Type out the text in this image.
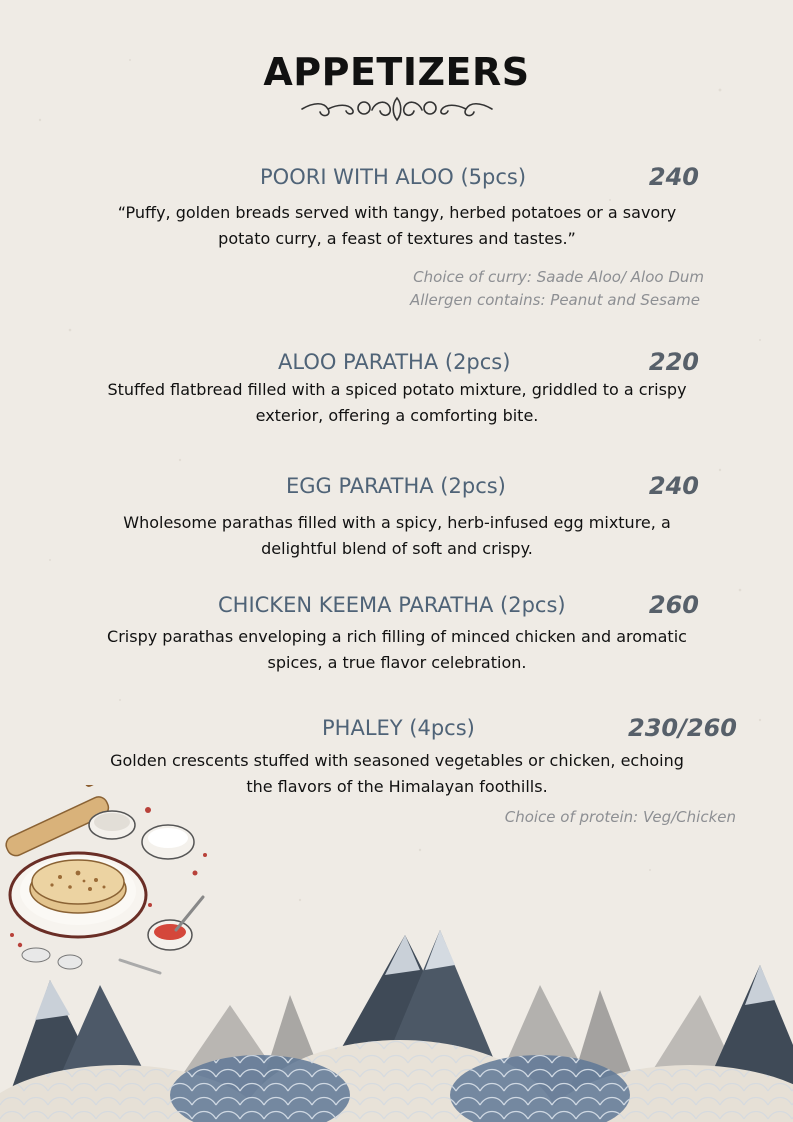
APPETIZERS
POORI WITH ALOO (5pcs)	240
“Puffy, golden breads served with tangy, herbed potatoes or a savory potato curry, a feast of textures and tastes.”
Choice of curry: Saade Aloo/ Aloo Dum
Allergen contains: Peanut and Sesame
ALOO PARATHA (2pcs)	220
Stuffed flatbread filled with a spiced potato mixture, griddled to a crispy exterior, offering a comforting bite.
EGG PARATHA (2pcs)	240
Wholesome parathas filled with a spicy, herb-infused egg mixture, a delightful blend of soft and crispy.
CHICKEN KEEMA PARATHA (2pcs)	260
Crispy parathas enveloping a rich filling of minced chicken and aromatic spices, a true flavor celebration.
PHALEY (4pcs)	230/260
Golden crescents stuffed with seasoned vegetables or chicken, echoing the flavors of the Himalayan foothills.
Choice of protein: Veg/Chicken
